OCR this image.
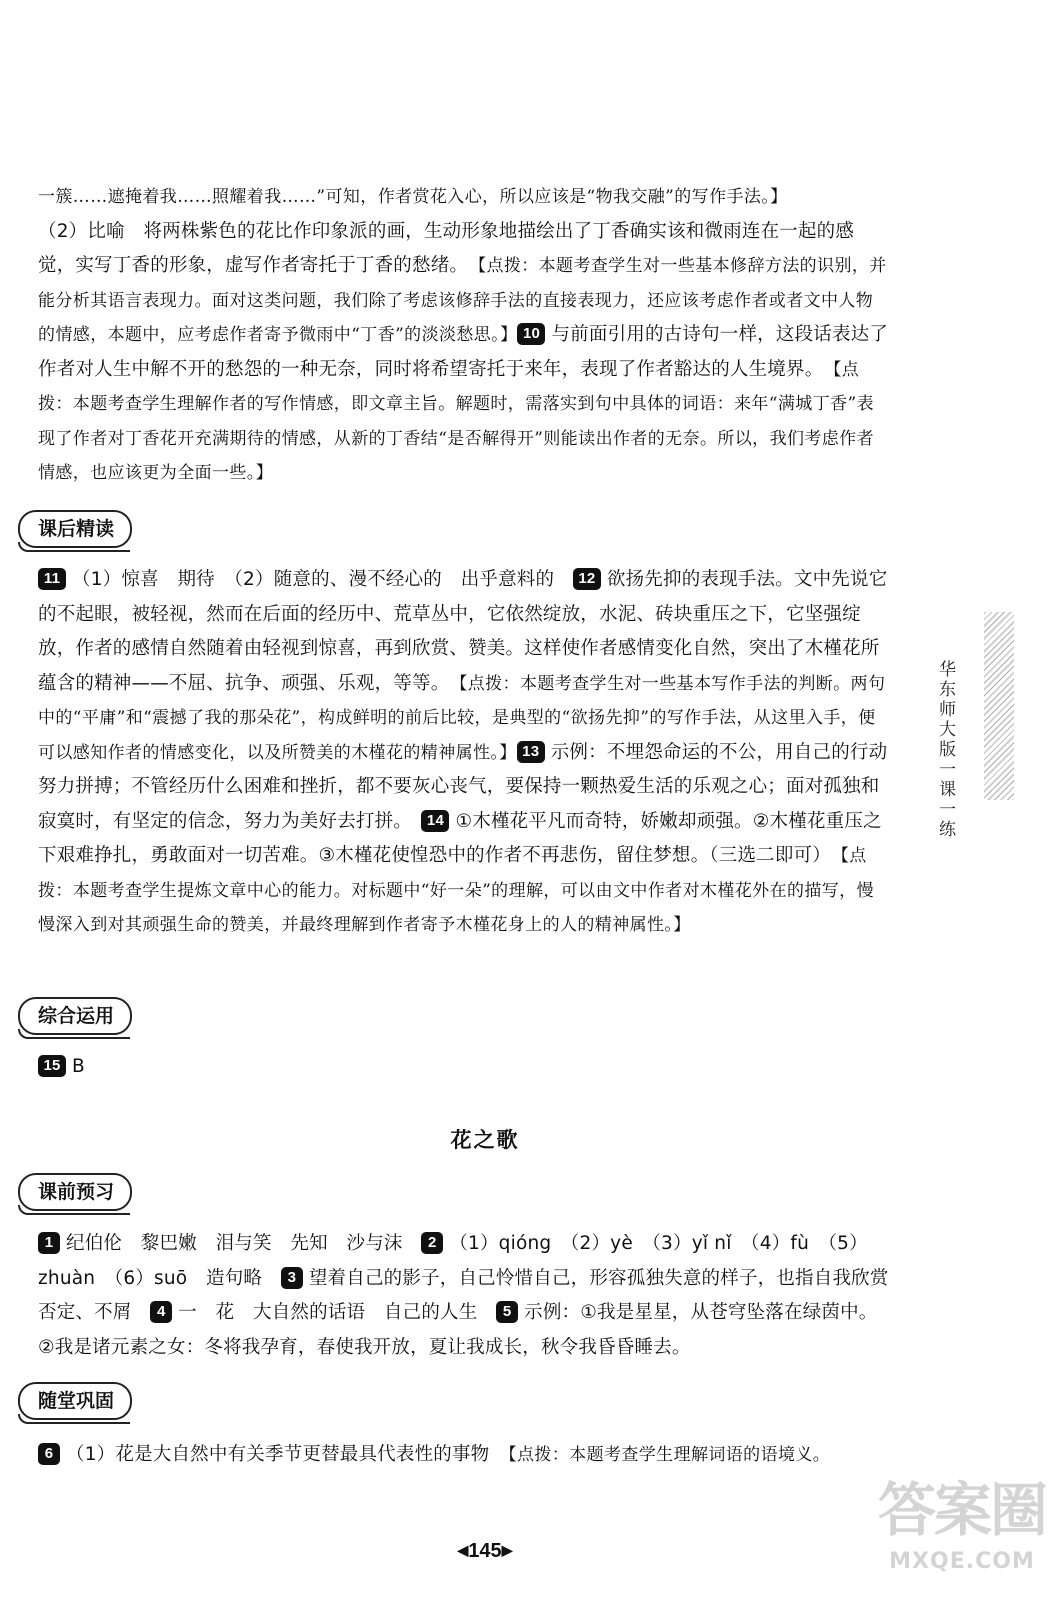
一簇……遮掩着我……照耀着我……”可知，作者赏花入心，所以应该是“物我交融”的写作手法。】

（2）比喻　将两株紫色的花比作印象派的画，生动形象地描绘出了丁香确实该和微雨连在一起的感觉，实写丁香的形象，虚写作者寄托于丁香的愁绪。　 【点拨：本题考查学生对一些基本修辞方法的识别，并能分析其语言表现力。面对这类问题，我们除了考虑该修辞手法的直接表现力，还应该考虑作者或者文中人物的情感，本题中，应考虑作者寄予微雨中“丁香”的淡淡愁思。】 10 与前面引用的古诗句一样，这段话表达了作者对人生中解不开的愁怨的一种无奈，同时将希望寄托于来年，表现了作者豁达的人生境界。　 【点拨：本题考查学生理解作者的写作情感，即文章主旨。解题时，需落实到句中具体的词语：来年“满城丁香”表现了作者对丁香花开充满期待的情感，从新的丁香结“是否解得开”则能读出作者的无奈。所以，我们考虑作者情感，也应该更为全面一些。】

课后精读

11 （1）惊喜　期待　（2）随意的、漫不经心的　出乎意料的　 12 欲扬先抑的表现手法。文中先说它的不起眼，被轻视，然而在后面的经历中、荒草丛中，它依然绽放，水泥、砖块重压之下，它坚强绽放，作者的感情自然随着由轻视到惊喜，再到欣赏、赞美。这样使作者感情变化自然，突出了木槿花所蕴含的精神——不屈、抗争、顽强、乐观，等等。　 【点拨：本题考查学生对一些基本写作手法的判断。两句中的“平庸”和“震撼了我的那朵花”，构成鲜明的前后比较，是典型的“欲扬先抑”的写作手法，从这里入手，便可以感知作者的情感变化，以及所赞美的木槿花的精神属性。】 13 示例：不埋怨命运的不公，用自己的行动努力拼搏；不管经历什么困难和挫折，都不要灰心丧气，要保持一颗热爱生活的乐观之心；面对孤独和寂寞时，有坚定的信念，努力为美好去打拼。　 14 ①木槿花平凡而奇特，娇嫩却顽强。②木槿花重压之下艰难挣扎，勇敢面对一切苦难。③木槿花使惶恐中的作者不再悲伤，留住梦想。（三选二即可）　 【点拨：本题考查学生提炼文章中心的能力。对标题中“好一朵”的理解，可以由文中作者对木槿花外在的描写，慢慢深入到对其顽强生命的赞美，并最终理解到作者寄予木槿花身上的人的精神属性。】

综合运用

15 B

花之歌
课前预习

1 纪伯伦　黎巴嫩　泪与笑　先知　沙与沫　 2 （1）qióng　（2）yè　（3）yǐ nǐ　（4）fù　（5）zhuàn　（6）suō　造句略　 3 望着自己的影子，自己怜惜自己，形容孤独失意的样子，也指自我欣赏　否定、不屑　 4 一　花　大自然的话语　自己的人生　 5 示例：①我是星星，从苍穹坠落在绿茵中。　②我是诸元素之女：冬将我孕育，春使我开放，夏让我成长，秋令我昏昏睡去。

随堂巩固

6 （1）花是大自然中有关季节更替最具代表性的事物　 【点拨：本题考查学生理解词语的语境义。

华东师大版一课一练
◀145▶
答案圈
MXQE.COM
